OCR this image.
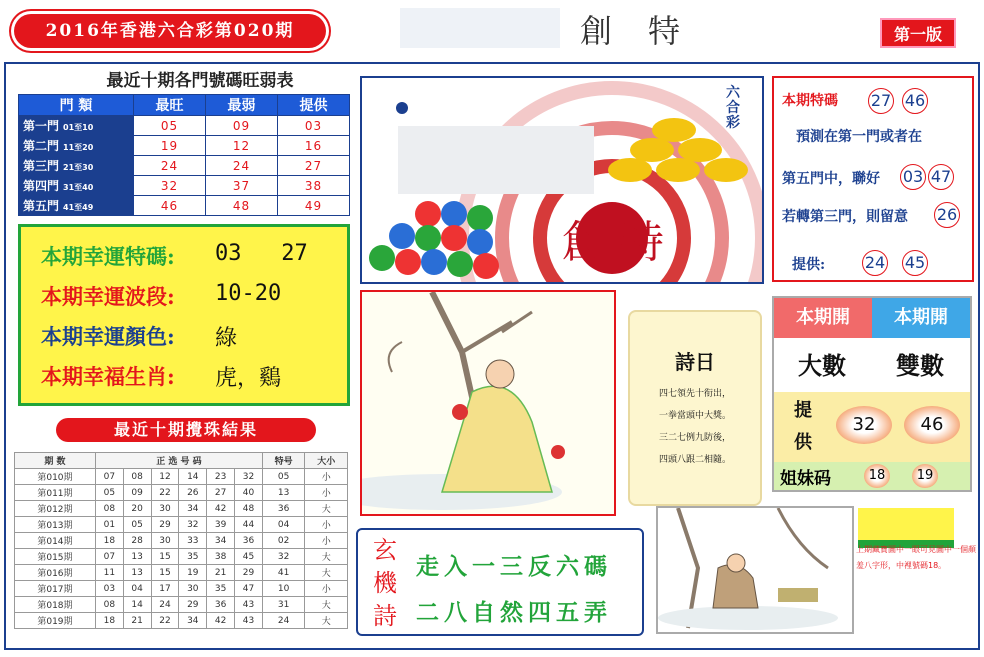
2016年香港六合彩第020期	創特	第一版
最近十期各門號碼旺弱表
門 類	最旺	最弱	提供
第一門 01至10	05	09	03
第二門 11至20	19	12	16
第三門 21至30	24	24	27
第四門 31至40	32	37	38
第五門 41至49	46	48	49
本期幸運特碼: 03   27
本期幸運波段: 10-20
本期幸運顏色: 綠
本期幸福生肖: 虎，鷄
最近十期攪珠結果
期 数	正 选 号 码						特号	大小
第010期	07	08	12	14	23	32	05	小
第011期	05	09	22	26	27	40	13	小
第012期	08	20	30	34	42	48	36	大
第013期	01	05	29	32	39	44	04	小
第014期	18	28	30	33	34	36	02	小
第015期	07	13	15	35	38	45	32	大
第016期	11	13	15	19	21	29	41	大
第017期	03	04	17	30	35	47	10	小
第018期	08	14	24	29	36	43	31	大
第019期	18	21	22	34	42	43	24	大
創特
六合彩
本期特碼 27 46
預測在第一門或者在
第五門中，聯好 03 47
若轉第三門，則留意 26
提供: 24 45
詩日
四七領先十衔出，
一拳當頭中大獎。
三二七例九防後，
四頭八跟二相隨。
本期開	本期開
大數	雙數
提
供
32	46
姐妹码	18	19
玄
機
詩
走入一三反六碼
二八自然四五弄
上期藏寶圖中一眼可見圖中一個顏羞八字形，中裡號碼18。
